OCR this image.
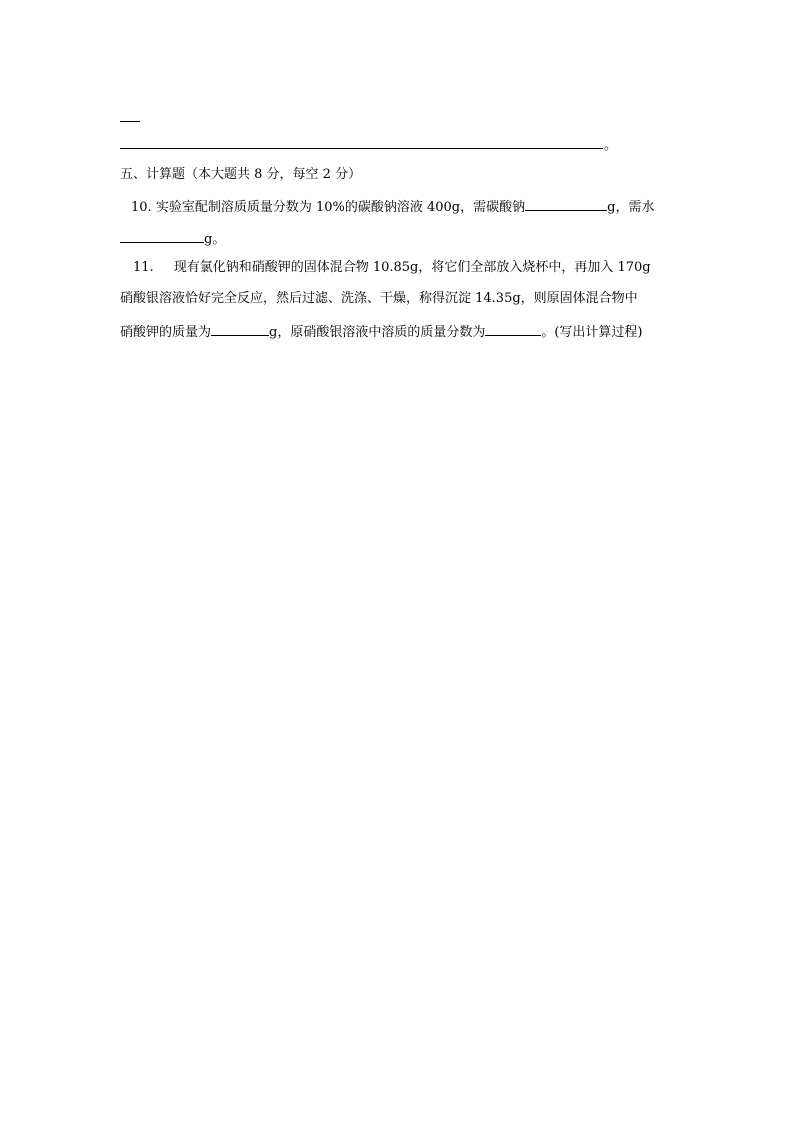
。
五、计算题（本大题共 8 分，每空 2 分）
10. 实验室配制溶质质量分数为 10%的碳酸钠溶液 400g，需碳酸钠	g，需水
g。
11. 现有氯化钠和硝酸钾的固体混合物 10.85g，将它们全部放入烧杯中，再加入 170g
硝酸银溶液恰好完全反应，然后过滤、洗涤、干燥，称得沉淀 14.35g，则原固体混合物中
硝酸钾的质量为	g，原硝酸银溶液中溶质的质量分数为	。(写出计算过程)
